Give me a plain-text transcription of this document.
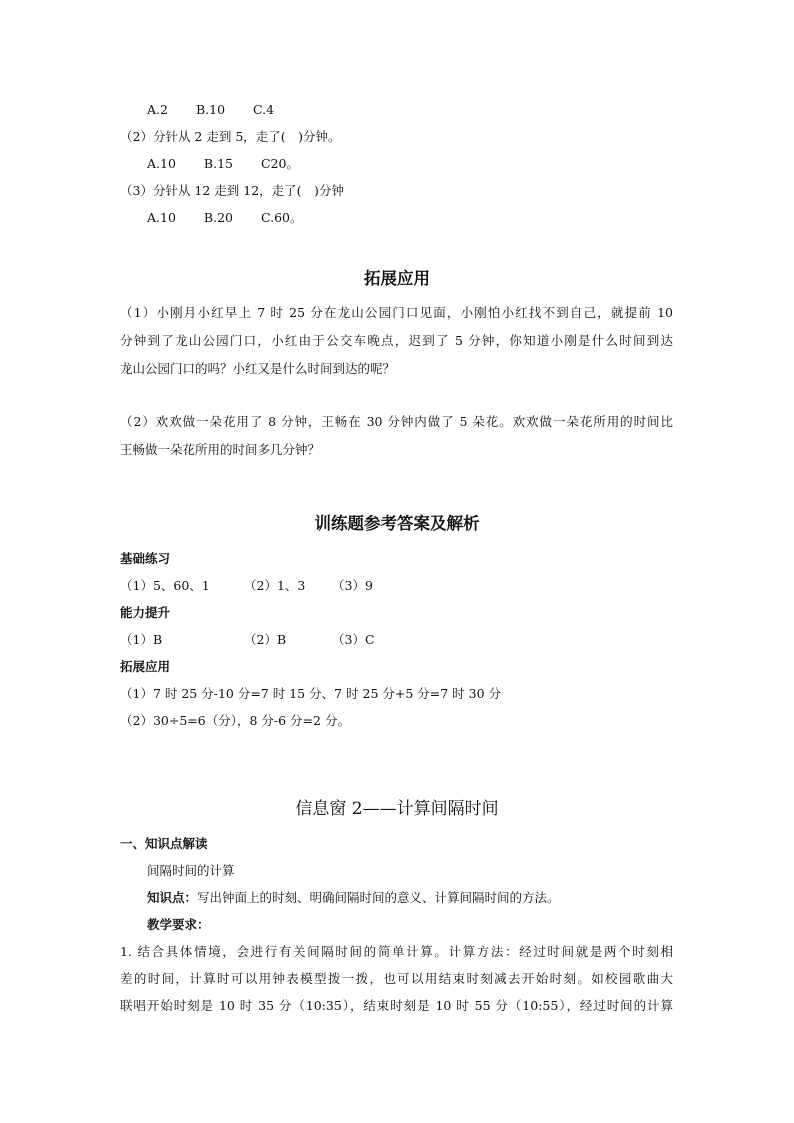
A.2 B.10 C.4
（2）分针从 2 走到 5，走了(　)分钟。
A.10 B.15 C20。
（3）分针从 12 走到 12，走了(　)分钟
A.10 B.20 C.60。
拓展应用
（1）小刚月小红早上 7 时 25 分在龙山公园门口见面，小刚怕小红找不到自己，就提前 10
分钟到了龙山公园门口，小红由于公交车晚点，迟到了 5 分钟，你知道小刚是什么时间到达
龙山公园门口的吗？小红又是什么时间到达的呢？
（2）欢欢做一朵花用了 8 分钟，王畅在 30 分钟内做了 5 朵花。欢欢做一朵花所用的时间比
王畅做一朵花所用的时间多几分钟？
训练题参考答案及解析
基础练习
（1）5、60、1	（2）1、3 （3）9
能力提升
（1）B	（2）B	（3）C
拓展应用
（1）7 时 25 分-10 分=7 时 15 分、7 时 25 分+5 分=7 时 30 分
（2）30÷5=6（分），8 分-6 分=2 分。
信息窗 2——计算间隔时间
一、知识点解读
间隔时间的计算
知识点：写出钟面上的时刻、明确间隔时间的意义、计算间隔时间的方法。
教学要求：
1. 结合具体情境，会进行有关间隔时间的简单计算。计算方法：经过时间就是两个时刻相
差的时间，计算时可以用钟表模型拨一拨，也可以用结束时刻减去开始时刻。如校园歌曲大
联唱开始时刻是 10 时 35 分（10:35），结束时刻是 10 时 55 分（10:55），经过时间的计算
